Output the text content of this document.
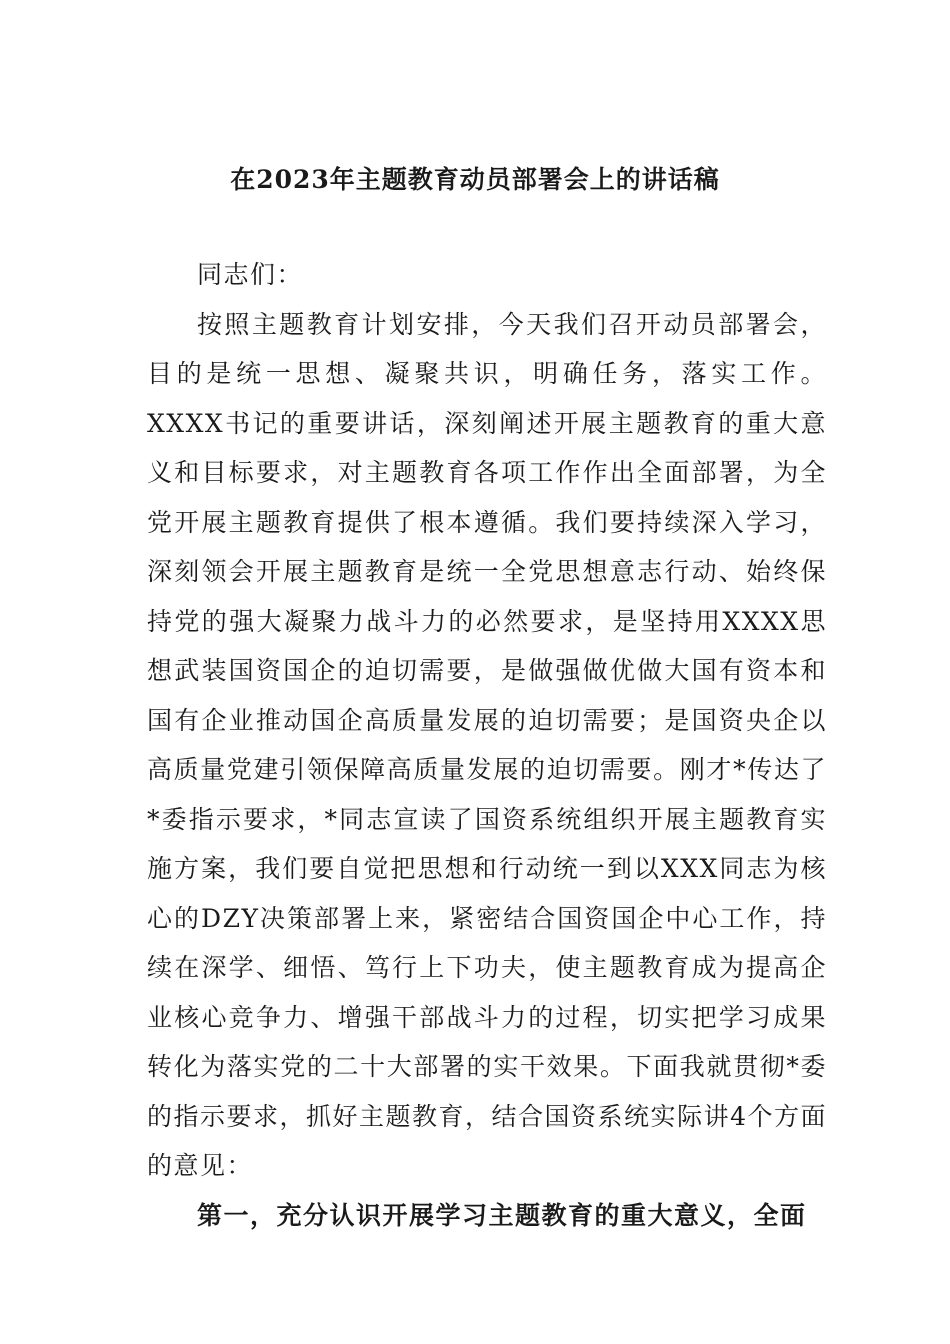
在2023年主题教育动员部署会上的讲话稿

同志们：

按照主题教育计划安排，今天我们召开动员部署会，目的是统一思想、凝聚共识，明确任务，落实工作。XXXX书记的重要讲话，深刻阐述开展主题教育的重大意义和目标要求，对主题教育各项工作作出全面部署，为全党开展主题教育提供了根本遵循。我们要持续深入学习，深刻领会开展主题教育是统一全党思想意志行动、始终保持党的强大凝聚力战斗力的必然要求，是坚持用XXXX思想武装国资国企的迫切需要，是做强做优做大国有资本和国有企业推动国企高质量发展的迫切需要；是国资央企以高质量党建引领保障高质量发展的迫切需要。刚才*传达了*委指示要求，*同志宣读了国资系统组织开展主题教育实施方案，我们要自觉把思想和行动统一到以XXX同志为核心的DZY决策部署上来，紧密结合国资国企中心工作，持续在深学、细悟、笃行上下功夫，使主题教育成为提高企业核心竞争力、增强干部战斗力的过程，切实把学习成果转化为落实党的二十大部署的实干效果。下面我就贯彻*委的指示要求，抓好主题教育，结合国资系统实际讲4个方面的意见：

第一，充分认识开展学习主题教育的重大意义，全面
